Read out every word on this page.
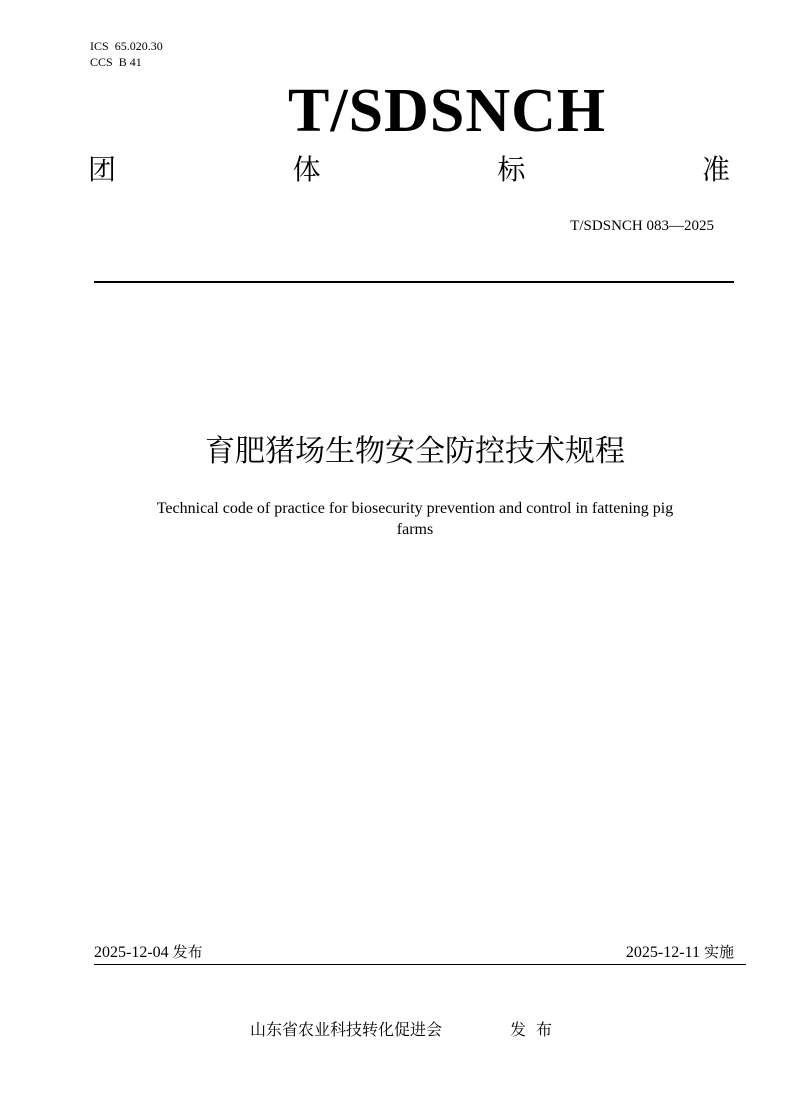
ICS 65.020.30
CCS B 41
T/SDSNCH
团	体	标	准
T/SDSNCH 083—2025
育肥猪场生物安全防控技术规程
Technical code of practice for biosecurity prevention and control in fattening pig
farms
2025-12-04 发布	2025-12-11 实施
山东省农业科技转化促进会	发布
